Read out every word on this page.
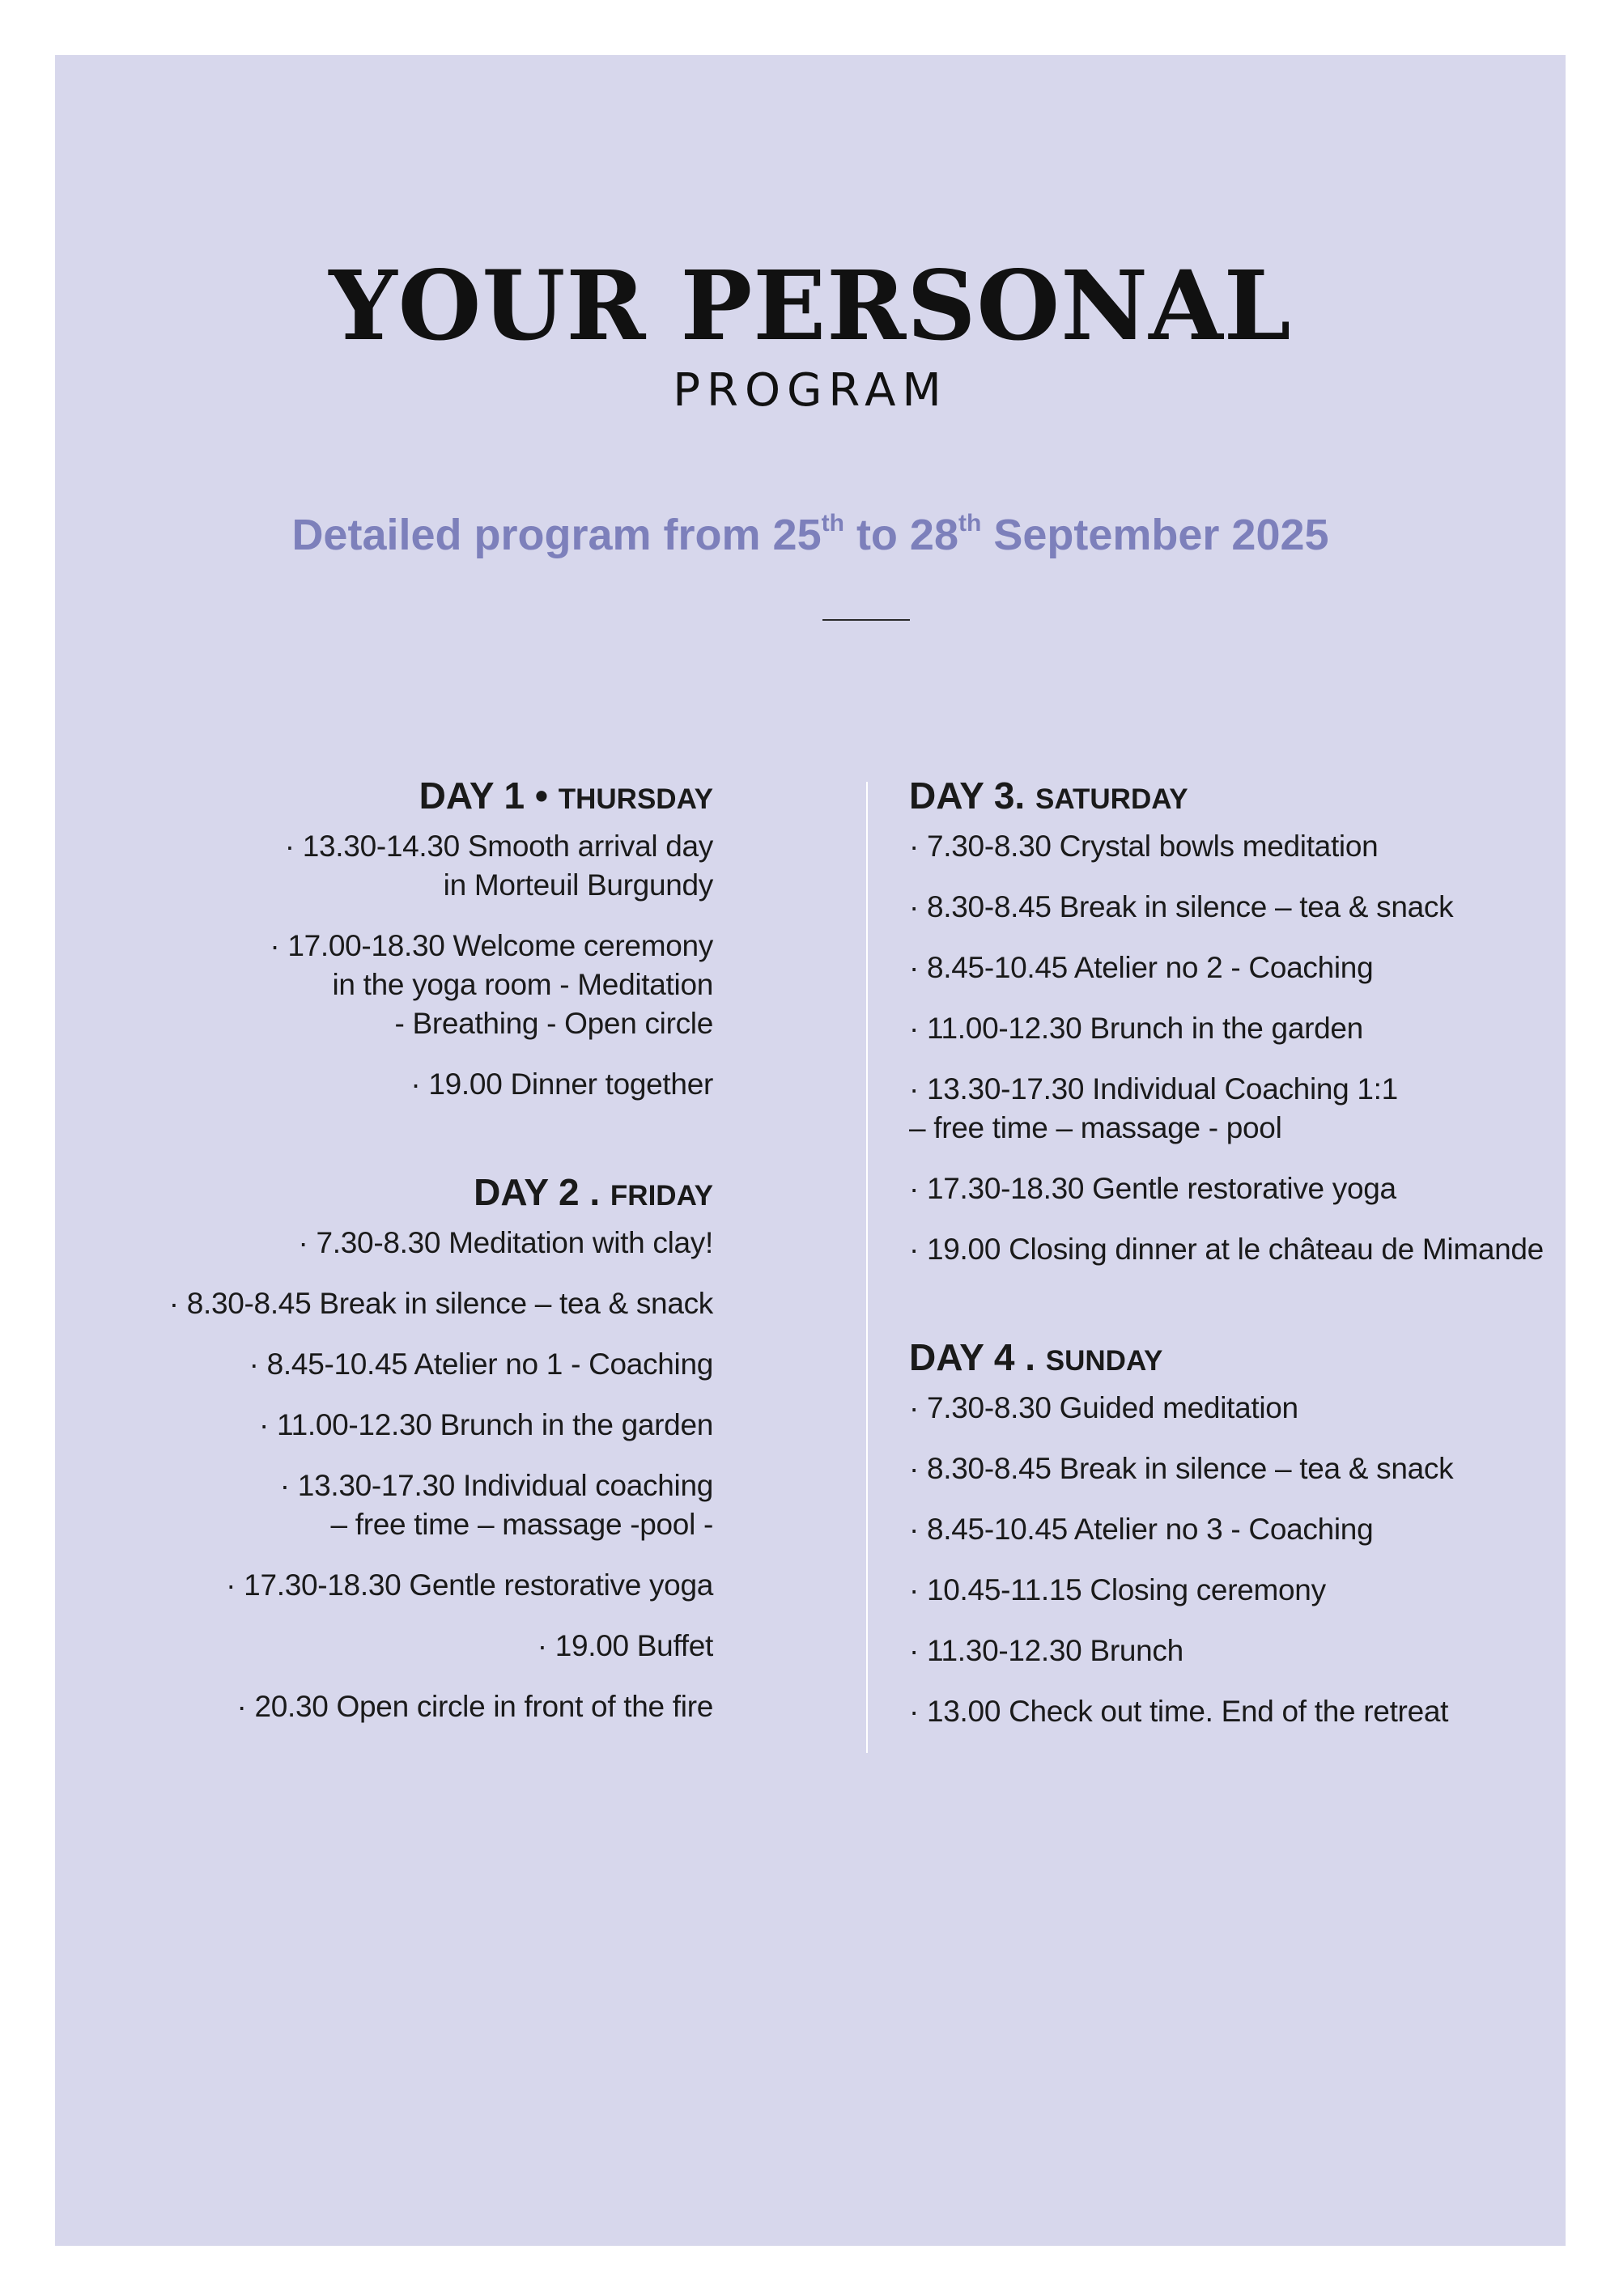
YOUR PERSONAL
PROGRAM
Detailed program from 25th to 28th September 2025
DAY 1 • THURSDAY
· 13.30-14.30 Smooth arrival day
in Morteuil Burgundy
· 17.00-18.30 Welcome ceremony
in the yoga room - Meditation
- Breathing - Open circle
· 19.00 Dinner together
DAY 2 . FRIDAY
· 7.30-8.30 Meditation with clay!
· 8.30-8.45 Break in silence – tea & snack
· 8.45-10.45 Atelier no 1 - Coaching
· 11.00-12.30 Brunch in the garden
· 13.30-17.30 Individual coaching
– free time – massage -pool -
· 17.30-18.30 Gentle restorative yoga
· 19.00 Buffet
· 20.30 Open circle in front of the fire
DAY 3. SATURDAY
· 7.30-8.30 Crystal bowls meditation
· 8.30-8.45 Break in silence – tea & snack
· 8.45-10.45 Atelier no 2 - Coaching
· 11.00-12.30 Brunch in the garden
· 13.30-17.30 Individual Coaching 1:1
– free time – massage - pool
· 17.30-18.30 Gentle restorative yoga
· 19.00 Closing dinner at le château de Mimande
DAY 4 . SUNDAY
· 7.30-8.30 Guided meditation
· 8.30-8.45 Break in silence – tea & snack
· 8.45-10.45 Atelier no 3 - Coaching
· 10.45-11.15 Closing ceremony
· 11.30-12.30 Brunch
· 13.00 Check out time. End of the retreat
